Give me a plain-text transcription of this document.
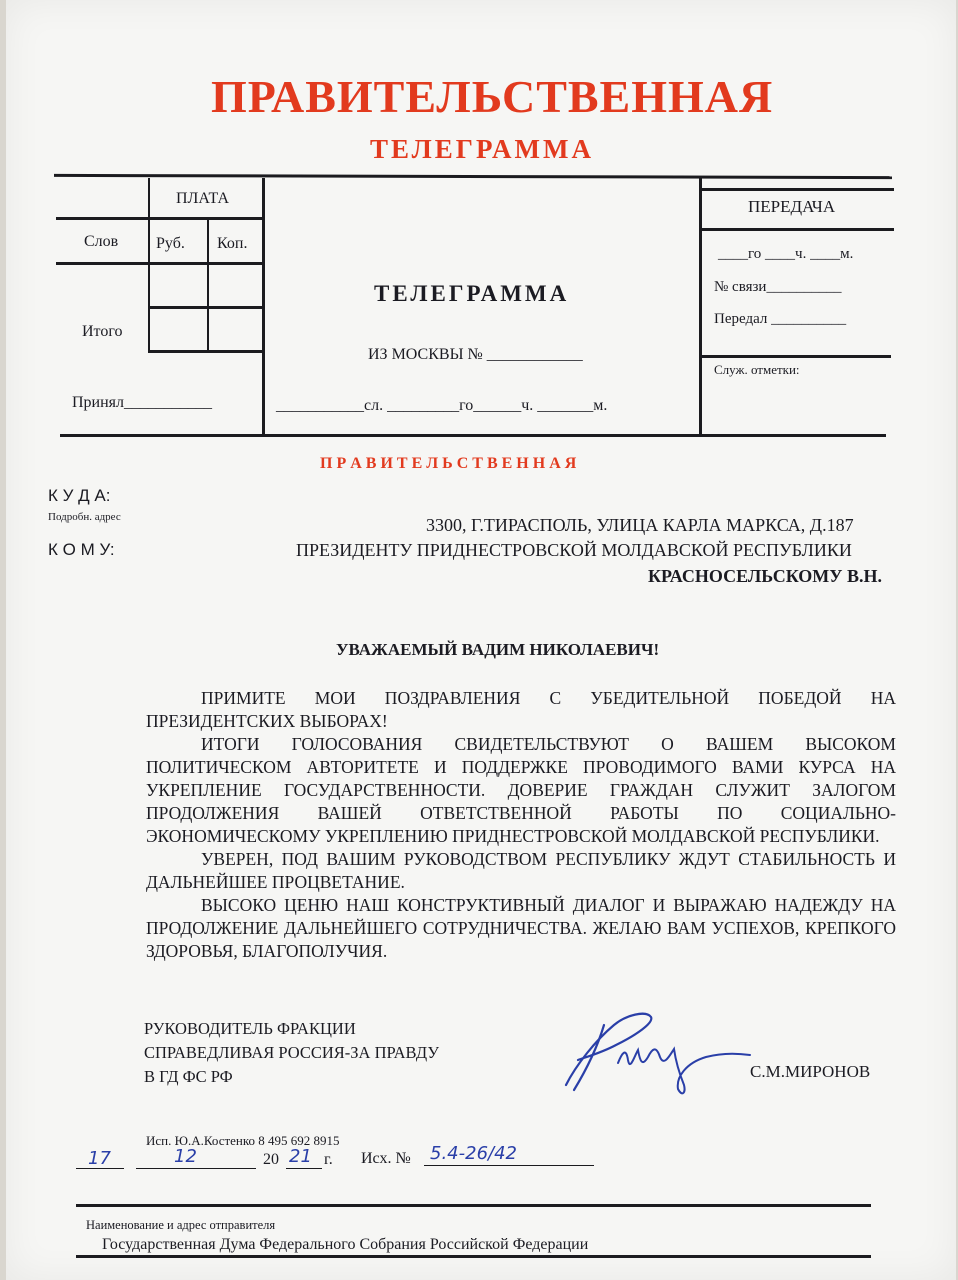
ПРАВИТЕЛЬСТВЕННАЯ
ТЕЛЕГРАММА
ПЛАТА
Слов Руб. Коп.
Итого
Принял___________
ТЕЛЕГРАММА
ИЗ МОСКВЫ № ____________
___________сл. _________го______ч. _______м.
ПЕРЕДАЧА
____го ____ч. ____м.
№ связи__________
Передал __________
Служ. отметки:
П Р А В И Т Е Л Ь С Т В Е Н Н А Я
К У Д А:
Подробн. адрес
К О М У:
3300, Г.ТИРАСПОЛЬ, УЛИЦА КАРЛА МАРКСА, Д.187
ПРЕЗИДЕНТУ ПРИДНЕСТРОВСКОЙ МОЛДАВСКОЙ РЕСПУБЛИКИ
КРАСНОСЕЛЬСКОМУ В.Н.
УВАЖАЕМЫЙ ВАДИМ НИКОЛАЕВИЧ!

ПРИМИТЕ МОИ ПОЗДРАВЛЕНИЯ С УБЕДИТЕЛЬНОЙ ПОБЕДОЙ НА ПРЕЗИДЕНТСКИХ ВЫБОРАХ!

ИТОГИ ГОЛОСОВАНИЯ СВИДЕТЕЛЬСТВУЮТ О ВАШЕМ ВЫСОКОМ ПОЛИТИЧЕСКОМ АВТОРИТЕТЕ И ПОДДЕРЖКЕ ПРОВОДИМОГО ВАМИ КУРСА НА УКРЕПЛЕНИЕ ГОСУДАРСТВЕННОСТИ. ДОВЕРИЕ ГРАЖДАН СЛУЖИТ ЗАЛОГОМ ПРОДОЛЖЕНИЯ ВАШЕЙ ОТВЕТСТВЕННОЙ РАБОТЫ ПО СОЦИАЛЬНО-ЭКОНОМИЧЕСКОМУ УКРЕПЛЕНИЮ ПРИДНЕСТРОВСКОЙ МОЛДАВСКОЙ РЕСПУБЛИКИ.

УВЕРЕН, ПОД ВАШИМ РУКОВОДСТВОМ РЕСПУБЛИКУ ЖДУТ СТАБИЛЬНОСТЬ И ДАЛЬНЕЙШЕЕ ПРОЦВЕТАНИЕ.

ВЫСОКО ЦЕНЮ НАШ КОНСТРУКТИВНЫЙ ДИАЛОГ И ВЫРАЖАЮ НАДЕЖДУ НА ПРОДОЛЖЕНИЕ ДАЛЬНЕЙШЕГО СОТРУДНИЧЕСТВА. ЖЕЛАЮ ВАМ УСПЕХОВ, КРЕПКОГО ЗДОРОВЬЯ, БЛАГОПОЛУЧИЯ.

РУКОВОДИТЕЛЬ ФРАКЦИИ
СПРАВЕДЛИВАЯ РОССИЯ-ЗА ПРАВДУ
В ГД ФС РФ	С.М.МИРОНОВ
Исп. Ю.А.Костенко 8 495 692 8915
17	12	20 21 г. Исх. № 5.4-26/42
Наименование и адрес отправителя
Государственная Дума Федерального Собрания Российской Федерации
